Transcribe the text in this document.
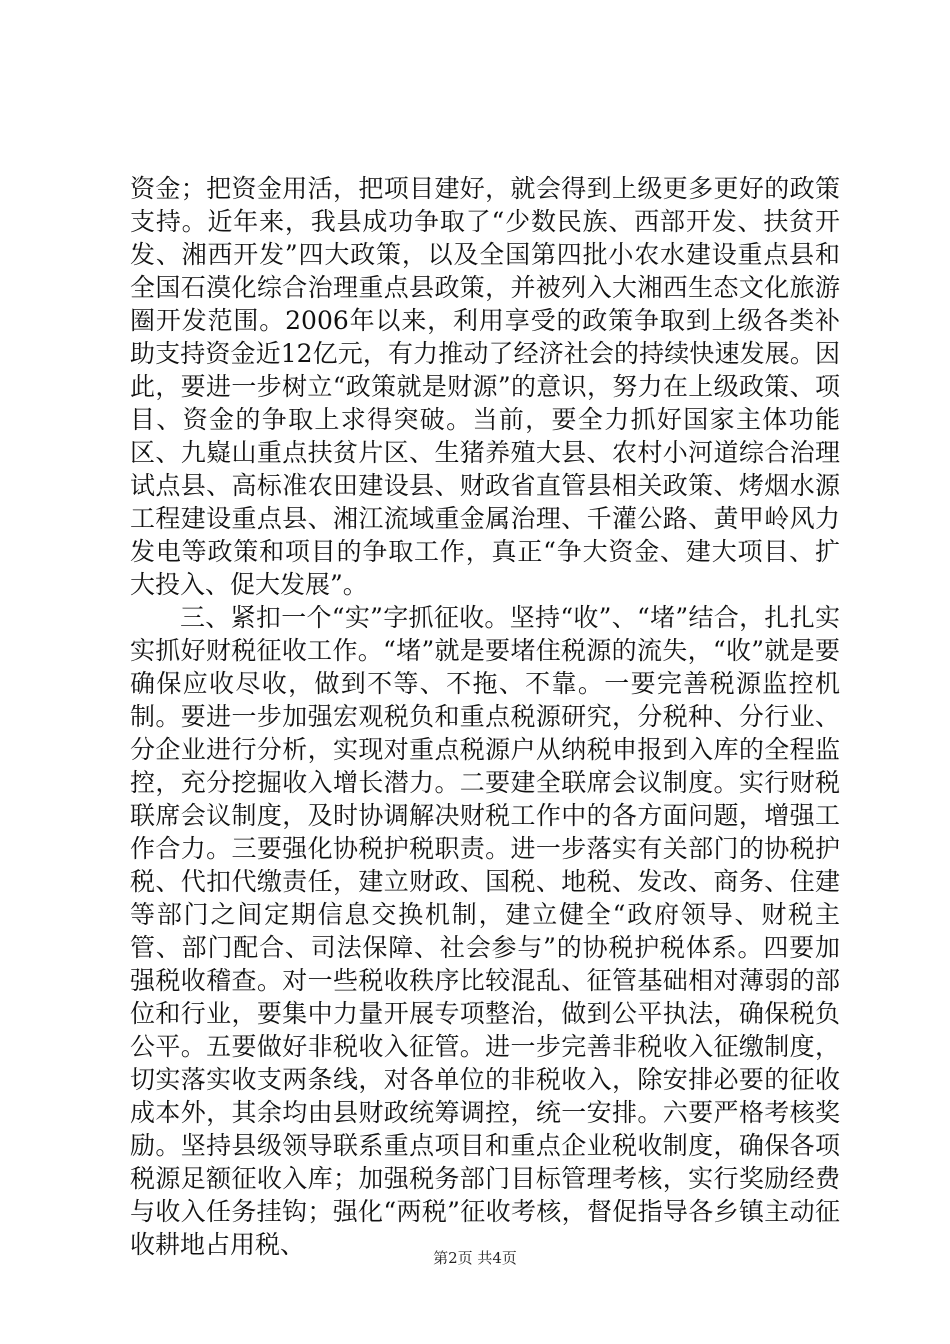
资金；把资金用活，把项目建好，就会得到上级更多更好的政策支持。近年来，我县成功争取了“少数民族、西部开发、扶贫开发、湘西开发”四大政策，以及全国第四批小农水建设重点县和全国石漠化综合治理重点县政策，并被列入大湘西生态文化旅游圈开发范围。2006年以来，利用享受的政策争取到上级各类补助支持资金近12亿元，有力推动了经济社会的持续快速发展。因此，要进一步树立“政策就是财源”的意识，努力在上级政策、项目、资金的争取上求得突破。当前，要全力抓好国家主体功能区、九嶷山重点扶贫片区、生猪养殖大县、农村小河道综合治理试点县、高标准农田建设县、财政省直管县相关政策、烤烟水源工程建设重点县、湘江流域重金属治理、千灌公路、黄甲岭风力发电等政策和项目的争取工作，真正“争大资金、建大项目、扩大投入、促大发展”。

三、紧扣一个“实”字抓征收。坚持“收”、“堵”结合，扎扎实实抓好财税征收工作。“堵”就是要堵住税源的流失，“收”就是要确保应收尽收，做到不等、不拖、不靠。一要完善税源监控机制。要进一步加强宏观税负和重点税源研究，分税种、分行业、分企业进行分析，实现对重点税源户从纳税申报到入库的全程监控，充分挖掘收入增长潜力。二要建全联席会议制度。实行财税联席会议制度，及时协调解决财税工作中的各方面问题，增强工作合力。三要强化协税护税职责。进一步落实有关部门的协税护税、代扣代缴责任，建立财政、国税、地税、发改、商务、住建等部门之间定期信息交换机制，建立健全“政府领导、财税主管、部门配合、司法保障、社会参与”的协税护税体系。四要加强税收稽查。对一些税收秩序比较混乱、征管基础相对薄弱的部位和行业，要集中力量开展专项整治，做到公平执法，确保税负公平。五要做好非税收入征管。进一步完善非税收入征缴制度，切实落实收支两条线，对各单位的非税收入，除安排必要的征收成本外，其余均由县财政统筹调控，统一安排。六要严格考核奖励。坚持县级领导联系重点项目和重点企业税收制度，确保各项税源足额征收入库；加强税务部门目标管理考核，实行奖励经费与收入任务挂钩；强化“两税”征收考核，督促指导各乡镇主动征收耕地占用税、	第2页 共4页
